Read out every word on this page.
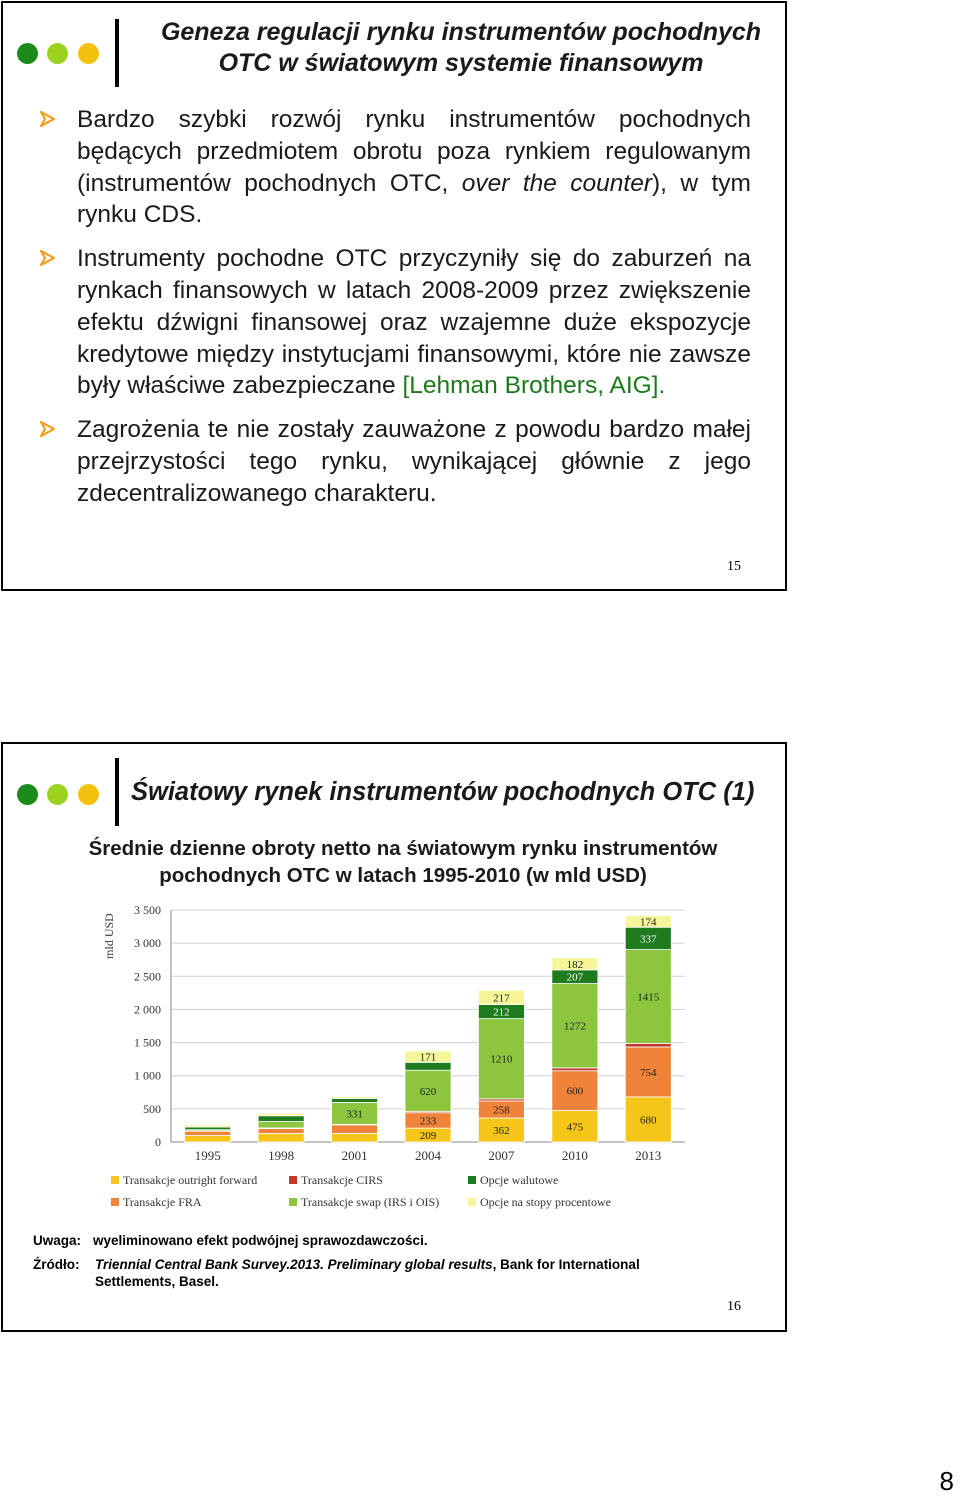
Geneza regulacji rynku instrumentów pochodnych
OTC w światowym systemie finansowym
Bardzo szybki rozwój rynku instrumentów pochodnych będących przedmiotem obrotu poza rynkiem regulowanym (instrumentów pochodnych OTC, over the counter), w tym rynku CDS.
Instrumenty pochodne OTC przyczyniły się do zaburzeń na rynkach finansowych w latach 2008-2009 przez zwiększenie efektu dźwigni finansowej oraz wzajemne duże ekspozycje kredytowe między instytucjami finansowymi, które nie zawsze były właściwe zabezpieczane [Lehman Brothers, AIG].
Zagrożenia te nie zostały zauważone z powodu bardzo małej przejrzystości tego rynku, wynikającej głównie z jego zdecentralizowanego charakteru.
15
Światowy rynek instrumentów pochodnych OTC (1)
Średnie dzienne obroty netto na światowym rynku instrumentów
pochodnych OTC w latach 1995-2010 (w mld USD)
0
500
1 000
1 500
2 000
2 500
3 000
3 500
mld USD
1995	1998
331
2001
209
233
620
171
2004
362
258
1210
212
217
2007
475
600
1272
207
182
2010
680
754
1415
337
174
2013
Transakcje outright forward	Transakcje CIRS	Opcje walutowe
Transakcje FRA	Transakcje swap (IRS i OIS)	Opcje na stopy procentowe
Uwaga: wyeliminowano efekt podwójnej sprawozdawczości.
Źródło: Triennial Central Bank Survey.2013. Preliminary global results, Bank for International
Settlements, Basel.
16
8
